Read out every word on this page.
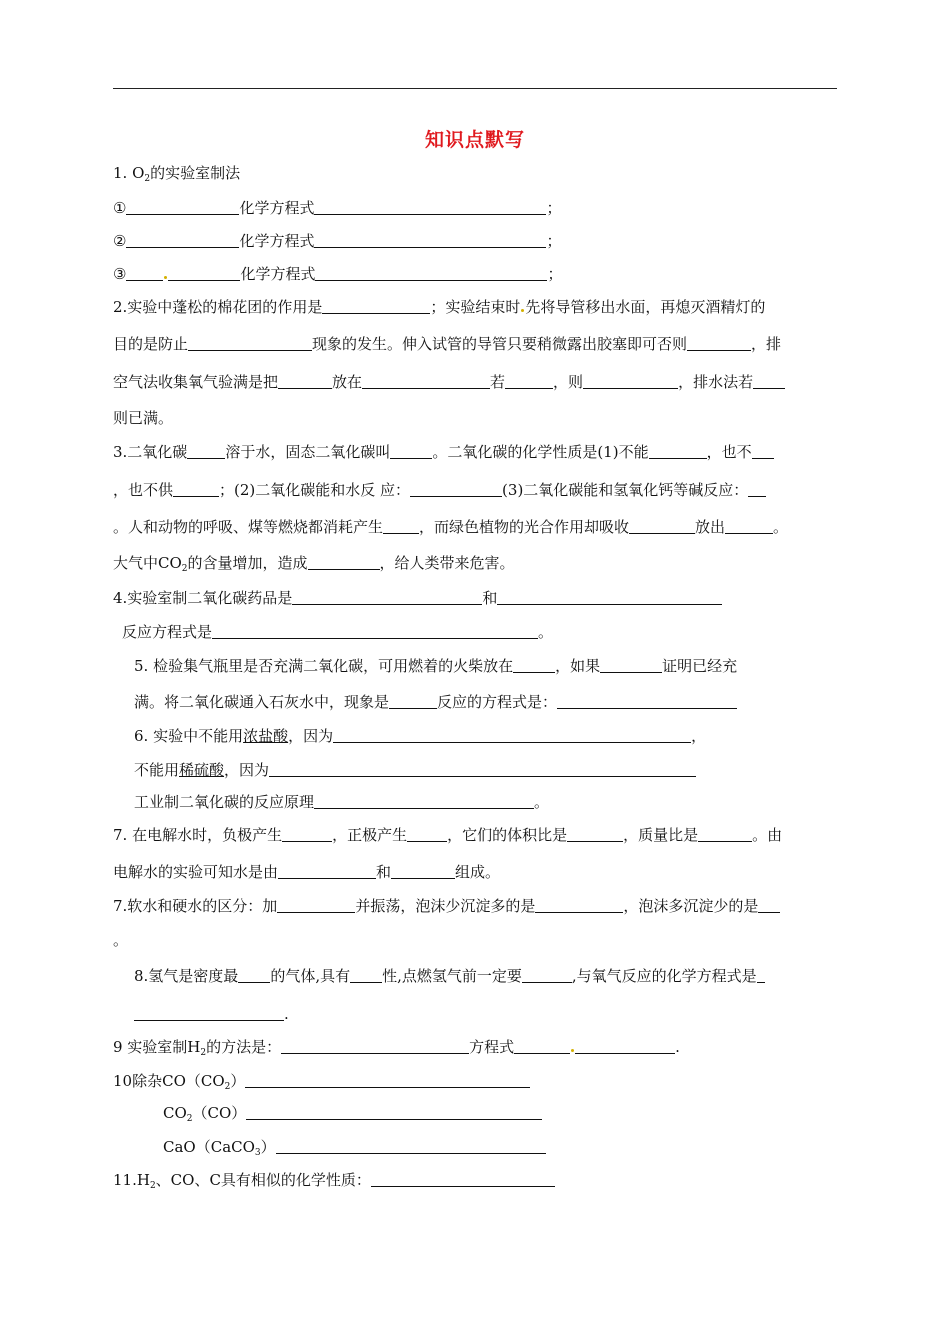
知识点默写
1. $O_2$的实验室制法
①	化学方程式	；
②	化学方程式	；
③	化学方程式	；
2.实验中蓬松的棉花团的作用是	；实验结束时 先将导管移出水面，再熄灭酒精灯的
目的是防止	现象的发生。伸入试管的导管只要稍微露出胶塞即可否则	，排
空气法收集氧气验满是把	放在	若	，则	，排水法若
则已满。
3.二氧化碳	溶于水，固态二氧化碳叫	。二氧化碳的化学性质是(1)不能	，也不
，也不供	；(2)二氧化碳能和水反 应：	(3)二氧化碳能和氢氧化钙等碱反应：
。人和动物的呼吸、煤等燃烧都消耗产生 ，而绿色植物的光合作用却吸收	放出	。
大气中$CO_2$的含量增加，造成	，给人类带来危害。
4.实验室制二氧化碳药品是	和
反应方程式是	。
5. 检验集气瓶里是否充满二氧化碳，可用燃着的火柴放在	，如果	证明已经充
满。将二氧化碳通入石灰水中，现象是	反应的方程式是：
6. 实验中不能用浓盐酸，因为	，
不能用稀硫酸，因为
工业制二氧化碳的反应原理	。
7. 在电解水时，负极产生	，正极产生	，它们的体积比是	，质量比是	。由
电解水的实验可知水是由	和	组成。
7.软水和硬水的区分：加	并振荡，泡沫少沉淀多的是	，泡沫多沉淀少的是
。
8.氢气是密度最 的气体,具有 性,点燃氢气前一定要	,与氧气反应的化学方程式是
.
9 实验室制$H_2$的方法是：	方程式	.
10除杂$CO(CO_2)$
$CO_2(CO)$
CaO（CaCO$_3$）
$11.H_2$、CO、C具有相似的化学性质：
